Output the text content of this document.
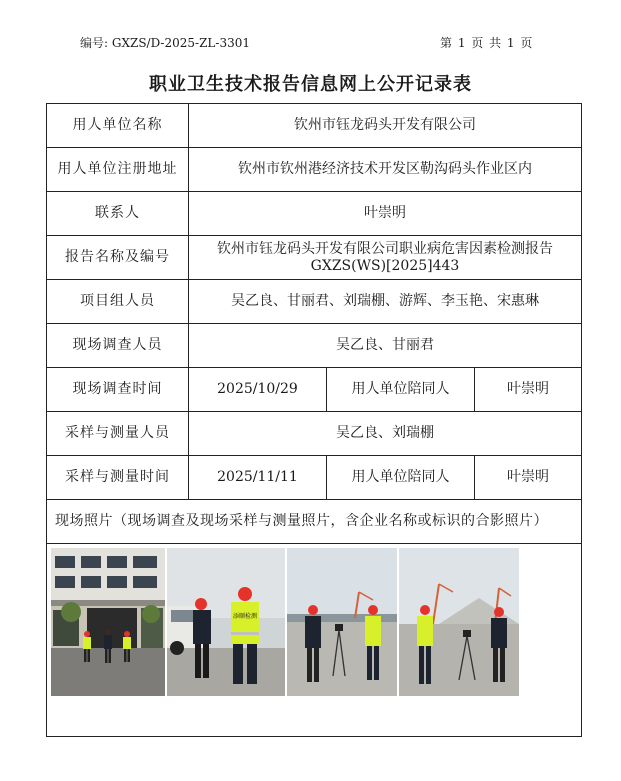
编号: GXZS/D-2025-ZL-3301	第 1 页 共 1 页
职业卫生技术报告信息网上公开记录表
用人单位名称	钦州市钰龙码头开发有限公司		
用人单位注册地址	钦州市钦州港经济技术开发区勒沟码头作业区内		
联系人	叶崇明		
报告名称及编号	钦州市钰龙码头开发有限公司职业病危害因素检测报告
GXZS(WS)[2025]443		

项目组人员	吴乙良、甘丽君、刘瑞棚、游辉、李玉艳、宋惠琳		
现场调查人员	吴乙良、甘丽君		
现场调查时间	2025/10/29	用人单位陪同人	叶崇明
采样与测量人员	吴乙良、刘瑞棚		
采样与测量时间	2025/11/11	用人单位陪同人	叶崇明
现场照片（现场调查及现场采样与测量照片，含企业名称或标识的合影照片）			

添顺检测			
